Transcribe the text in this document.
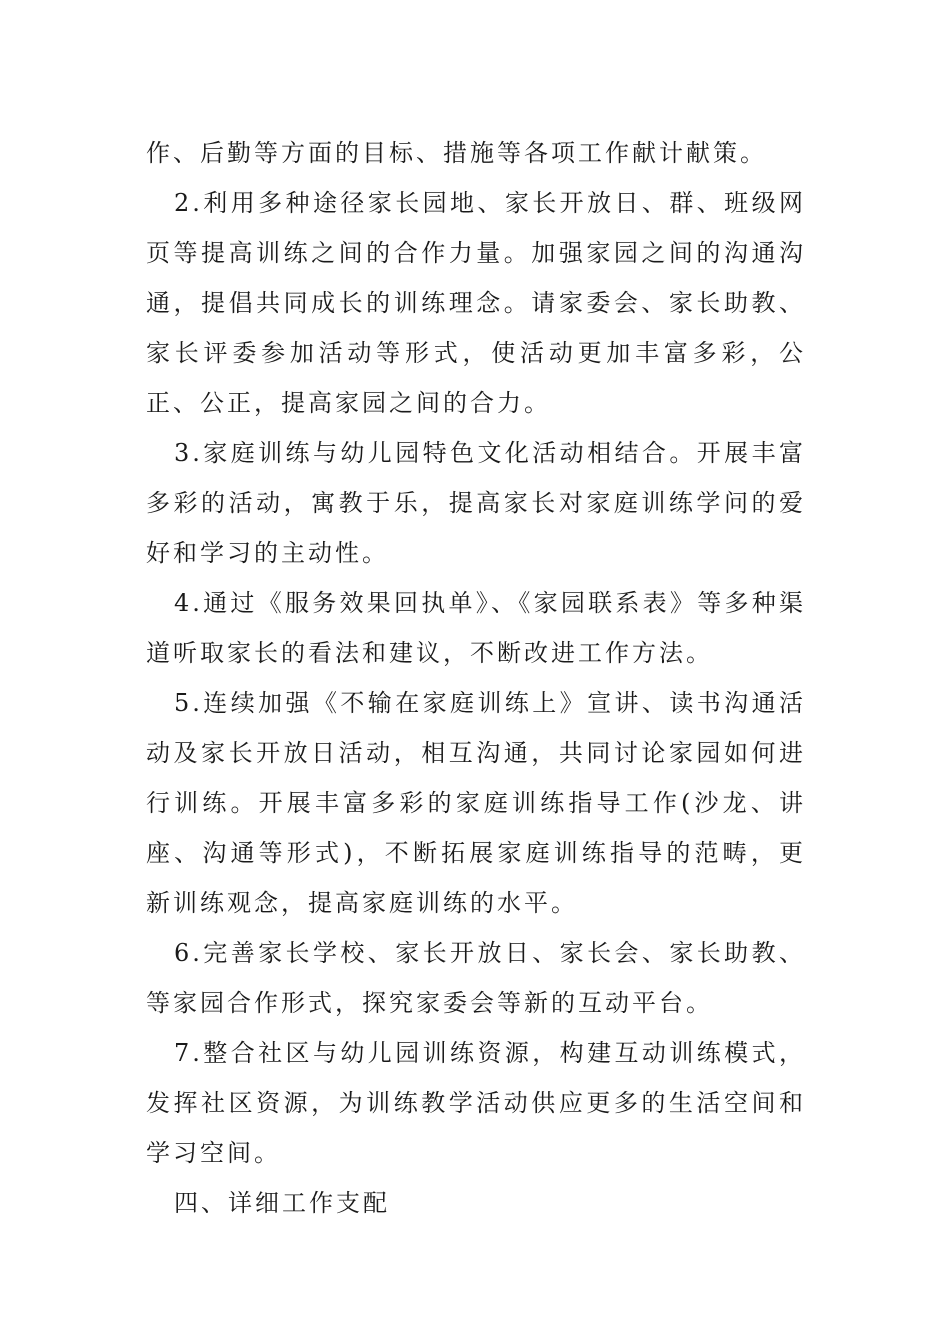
作、后勤等方面的目标、措施等各项工作献计献策。

2.利用多种途径家长园地、家长开放日、群、班级网页等提高训练之间的合作力量。加强家园之间的沟通沟通，提倡共同成长的训练理念。请家委会、家长助教、家长评委参加活动等形式，使活动更加丰富多彩，公正、公正，提高家园之间的合力。

3.家庭训练与幼儿园特色文化活动相结合。开展丰富多彩的活动，寓教于乐，提高家长对家庭训练学问的爱好和学习的主动性。

4.通过《服务效果回执单》、《家园联系表》等多种渠道听取家长的看法和建议，不断改进工作方法。

5.连续加强《不输在家庭训练上》宣讲、读书沟通活动及家长开放日活动，相互沟通，共同讨论家园如何进行训练。开展丰富多彩的家庭训练指导工作(沙龙、讲座、沟通等形式)，不断拓展家庭训练指导的范畴，更新训练观念，提高家庭训练的水平。

6.完善家长学校、家长开放日、家长会、家长助教、等家园合作形式，探究家委会等新的互动平台。

7.整合社区与幼儿园训练资源，构建互动训练模式，发挥社区资源，为训练教学活动供应更多的生活空间和学习空间。

四、详细工作支配
